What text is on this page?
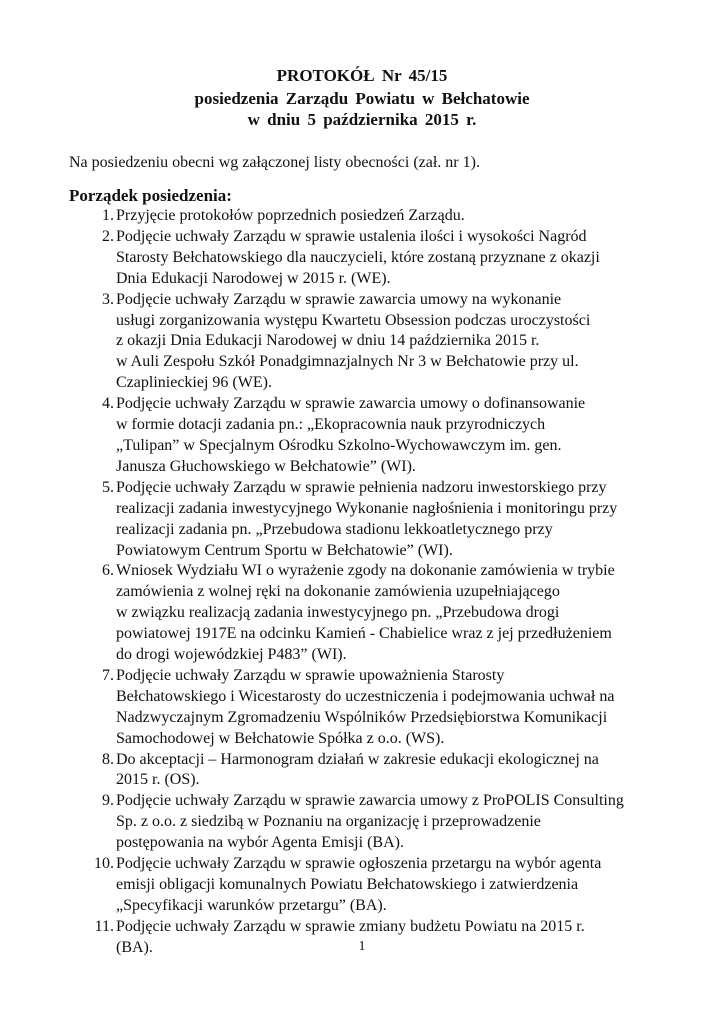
PROTOKÓŁ Nr 45/15
posiedzenia Zarządu Powiatu w Bełchatowie
w dniu 5 października 2015 r.
Na posiedzeniu obecni wg załączonej listy obecności (zał. nr 1).
Porządek posiedzenia:
1. Przyjęcie protokołów poprzednich posiedzeń Zarządu.
2. Podjęcie uchwały Zarządu w sprawie ustalenia ilości i wysokości Nagród
Starosty Bełchatowskiego dla nauczycieli, które zostaną przyznane z okazji
Dnia Edukacji Narodowej w 2015 r. (WE).
3. Podjęcie uchwały Zarządu w sprawie zawarcia umowy na wykonanie
usługi zorganizowania występu Kwartetu Obsession podczas uroczystości
z okazji Dnia Edukacji Narodowej w dniu 14 października 2015 r.
w Auli Zespołu Szkół Ponadgimnazjalnych Nr 3 w Bełchatowie przy ul.
Czaplinieckiej 96 (WE).
4. Podjęcie uchwały Zarządu w sprawie zawarcia umowy o dofinansowanie
w formie dotacji zadania pn.: „Ekopracownia nauk przyrodniczych
„Tulipan” w Specjalnym Ośrodku Szkolno-Wychowawczym im. gen.
Janusza Głuchowskiego w Bełchatowie” (WI).
5. Podjęcie uchwały Zarządu w sprawie pełnienia nadzoru inwestorskiego przy
realizacji zadania inwestycyjnego Wykonanie nagłośnienia i monitoringu przy
realizacji zadania pn. „Przebudowa stadionu lekkoatletycznego przy
Powiatowym Centrum Sportu w Bełchatowie” (WI).
6. Wniosek Wydziału WI o wyrażenie zgody na dokonanie zamówienia w trybie
zamówienia z wolnej ręki na dokonanie zamówienia uzupełniającego
w związku realizacją zadania inwestycyjnego pn. „Przebudowa drogi
powiatowej 1917E na odcinku Kamień - Chabielice wraz z jej przedłużeniem
do drogi wojewódzkiej P483” (WI).
7. Podjęcie uchwały Zarządu w sprawie upoważnienia Starosty
Bełchatowskiego i Wicestarosty do uczestniczenia i podejmowania uchwał na
Nadzwyczajnym Zgromadzeniu Wspólników Przedsiębiorstwa Komunikacji
Samochodowej w Bełchatowie Spółka z o.o. (WS).
8. Do akceptacji – Harmonogram działań w zakresie edukacji ekologicznej na
2015 r. (OS).
9. Podjęcie uchwały Zarządu w sprawie zawarcia umowy z ProPOLIS Consulting
Sp. z o.o. z siedzibą w Poznaniu na organizację i przeprowadzenie
postępowania na wybór Agenta Emisji (BA).
10. Podjęcie uchwały Zarządu w sprawie ogłoszenia przetargu na wybór agenta
emisji obligacji komunalnych Powiatu Bełchatowskiego i zatwierdzenia
„Specyfikacji warunków przetargu” (BA).
11. Podjęcie uchwały Zarządu w sprawie zmiany budżetu Powiatu na 2015 r.
(BA).	1
